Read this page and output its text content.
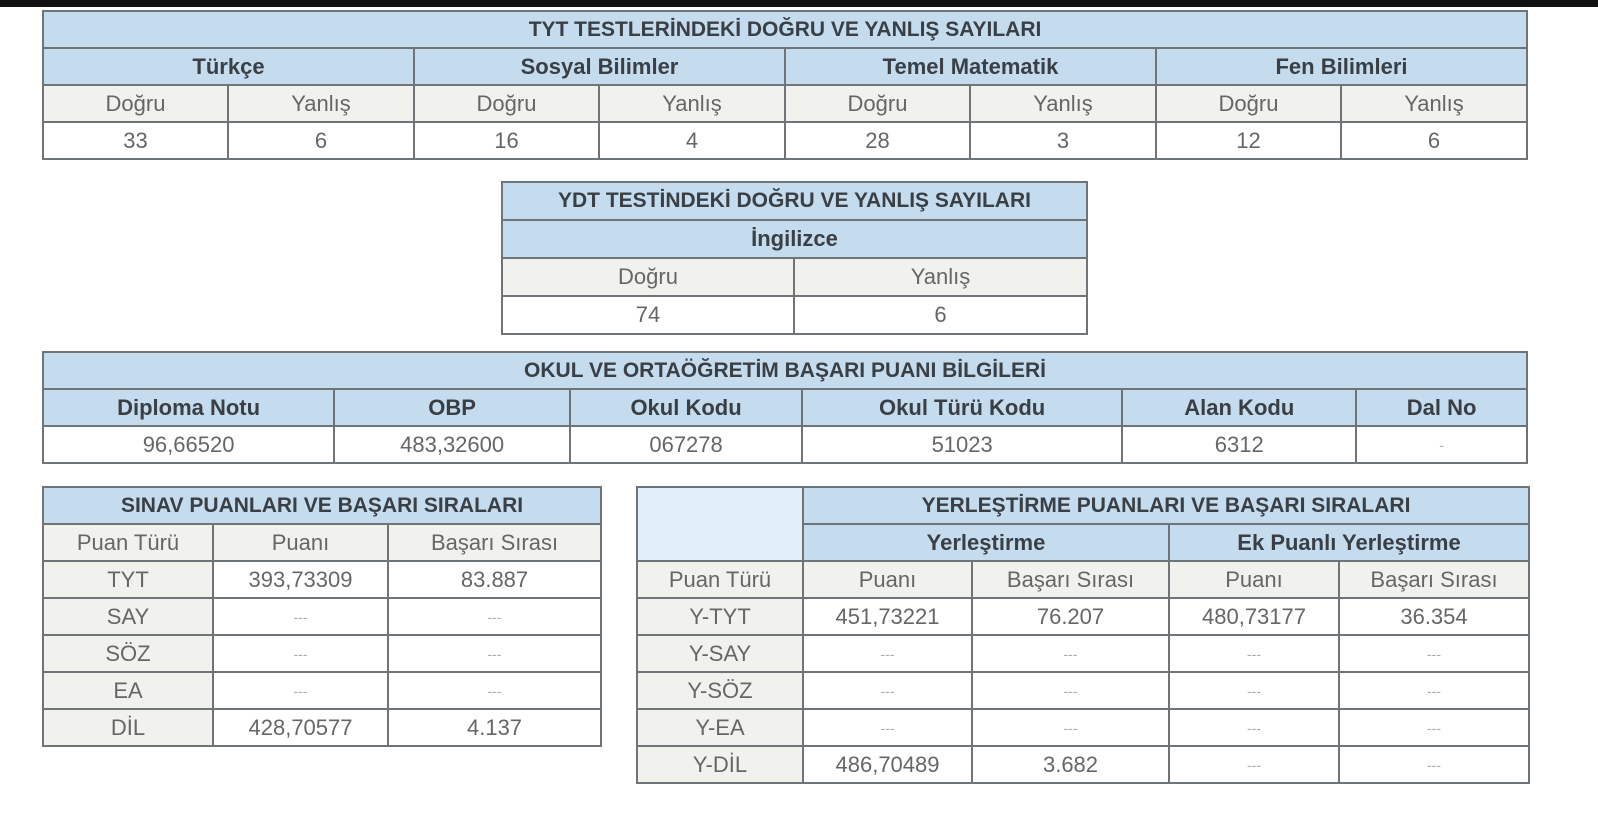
TYT TESTLERİNDEKİ DOĞRU VE YANLIŞ SAYILARI							
Türkçe		Sosyal Bilimler		Temel Matematik		Fen Bilimleri	
Doğru	Yanlış	Doğru	Yanlış	Doğru	Yanlış	Doğru	Yanlış
33	6	16	4	28	3	12	6
YDT TESTİNDEKİ DOĞRU VE YANLIŞ SAYILARI	
İngilizce	
Doğru	Yanlış
74	6
OKUL VE ORTAÖĞRETİM BAŞARI PUANI BİLGİLERİ					
Diploma Notu	OBP	Okul Kodu	Okul Türü Kodu	Alan Kodu	Dal No
96,66520	483,32600	067278	51023	6312	-
SINAV PUANLARI VE BAŞARI SIRALARI		
Puan Türü	Puanı	Başarı Sırası
TYT	393,73309	83.887
SAY	---	---
SÖZ	---	---
EA	---	---
DİL	428,70577	4.137
	YERLEŞTİRME PUANLARI VE BAŞARI SIRALARI			
	Yerleştirme		Ek Puanlı Yerleştirme	
Puan Türü	Puanı	Başarı Sırası	Puanı	Başarı Sırası
Y-TYT	451,73221	76.207	480,73177	36.354
Y-SAY	---	---	---	---
Y-SÖZ	---	---	---	---
Y-EA	---	---	---	---
Y-DİL	486,70489	3.682	---	---
